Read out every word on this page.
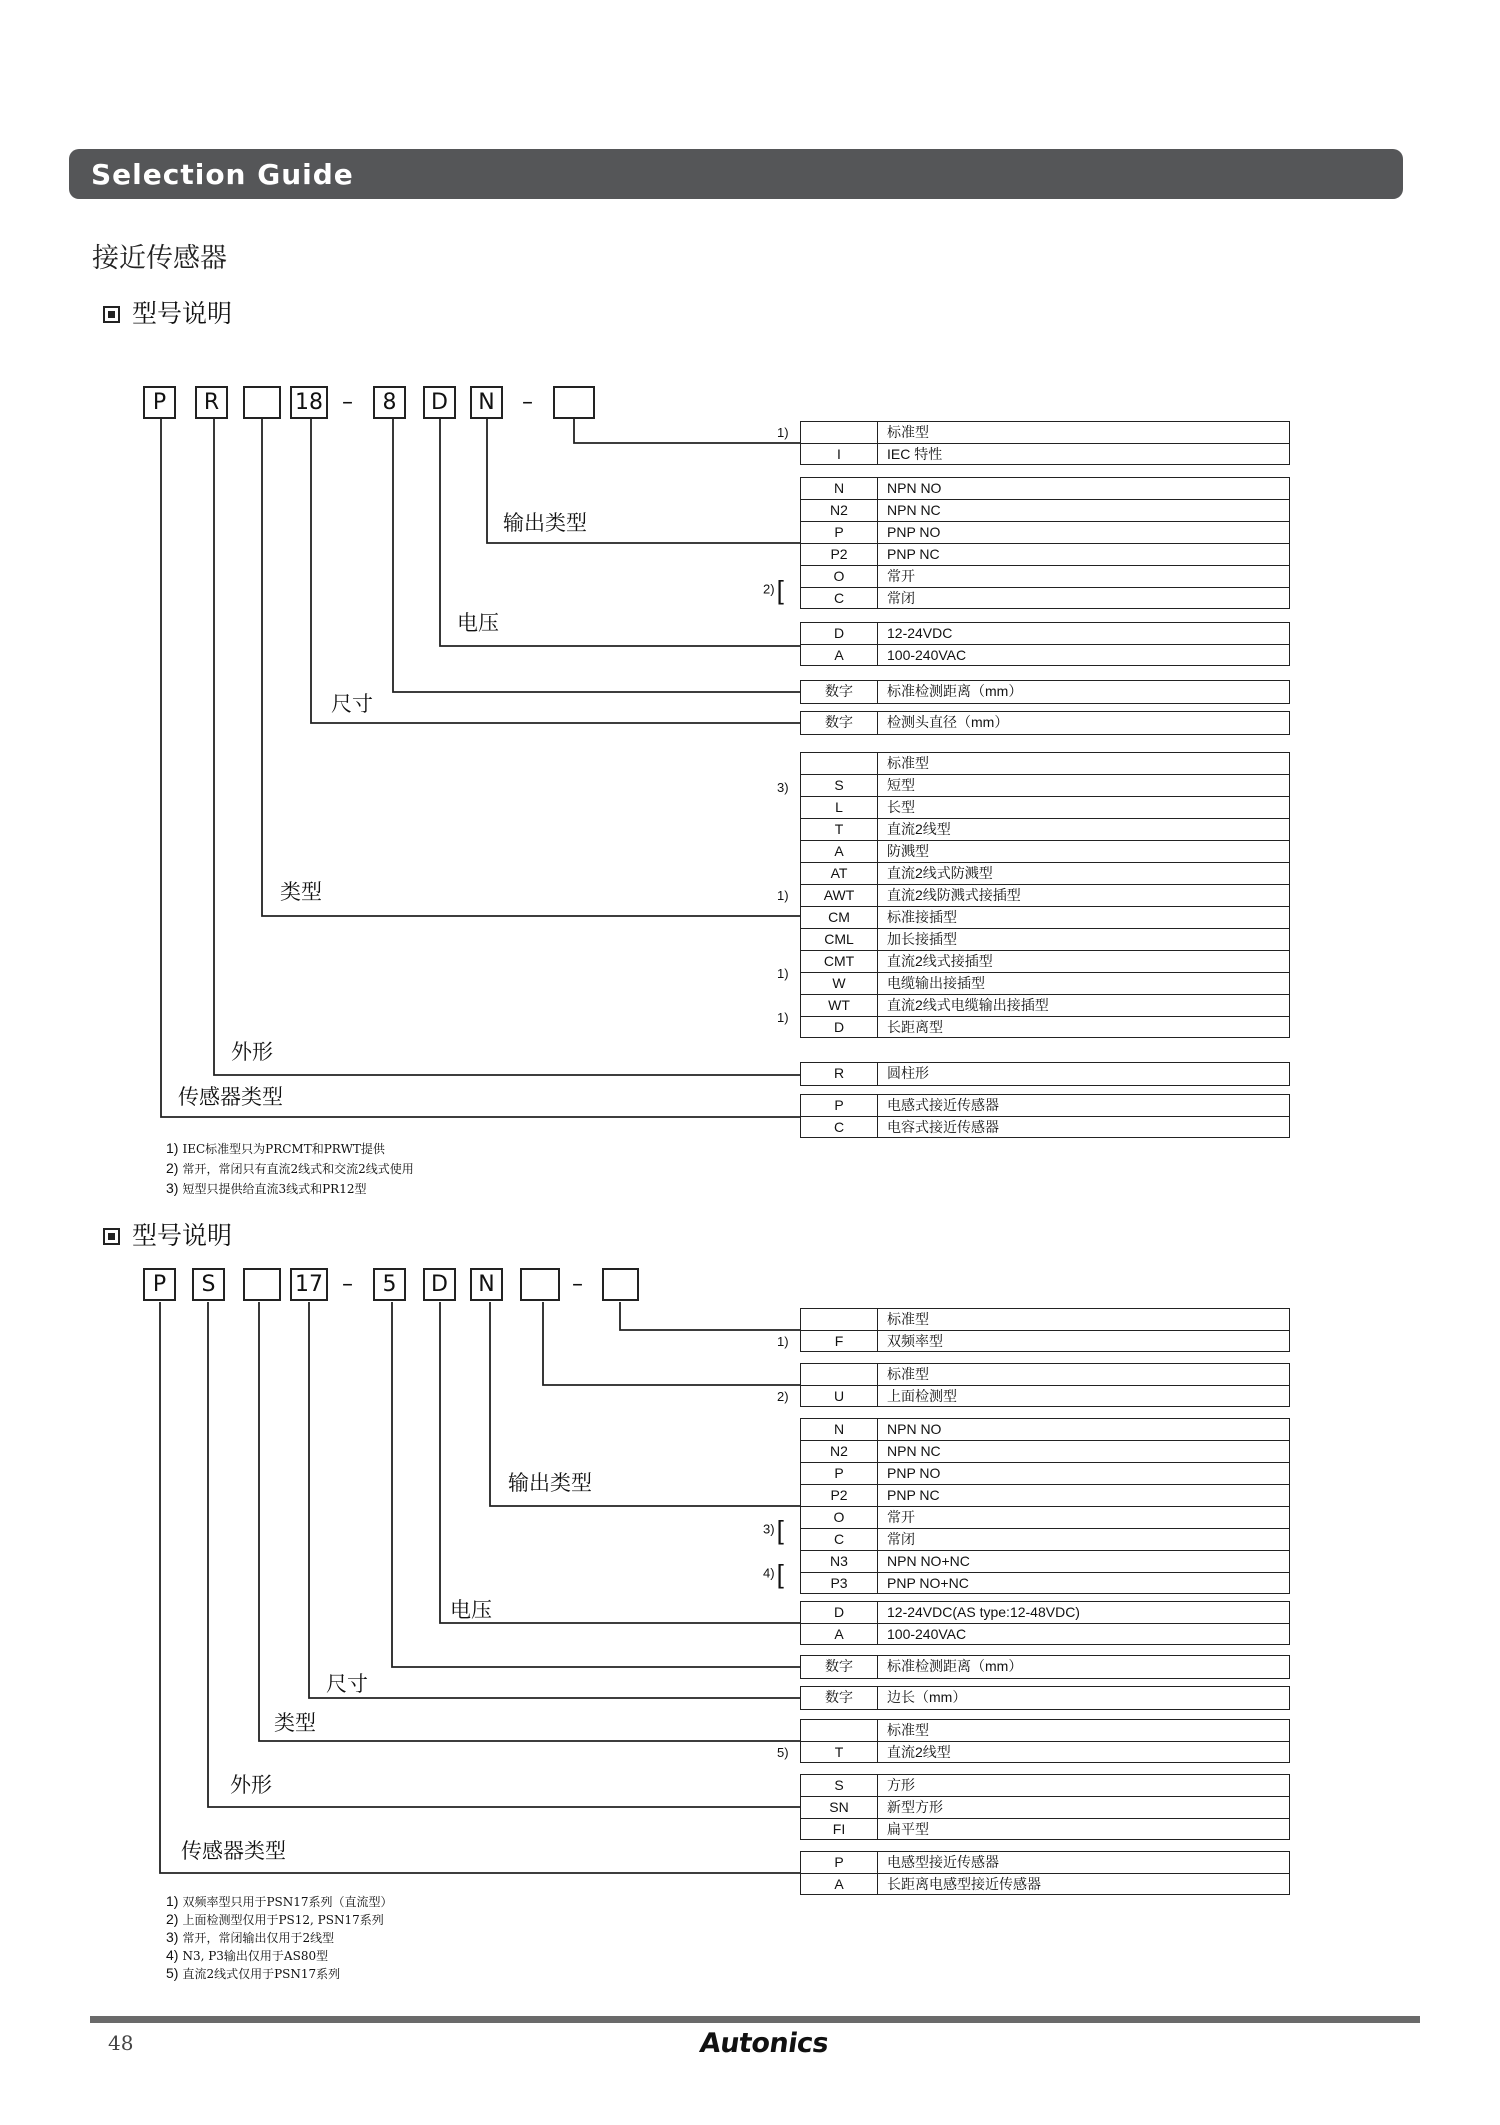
Selection Guide
接近传感器
型号说明
P	R	18 –	8	D	N	–
标准型
I	IEC 特性
N	NPN NO
N2	NPN NC
P	PNP NO
P2	PNP NC
O	常开
C	常闭
D	12-24VDC
A	100-240VAC
数字	标准检测距离（mm）
数字	检测头直径（mm）
标准型
S	短型
L	长型
T	直流2线型
A	防溅型
AT	直流2线式防溅型
AWT	直流2线防溅式接插型
CM	标准接插型
CML	加长接插型
CMT	直流2线式接插型
W	电缆输出接插型
WT	直流2线式电缆输出接插型
D	长距离型
R	圆柱形
P	电感式接近传感器
C	电容式接近传感器
输出类型
电压
尺寸
类型
外形
传感器类型
1)
2)[
3)
1)
1)
1)
1) IEC标准型只为PRCMT和PRWT提供
2) 常开，常闭只有直流2线式和交流2线式使用
3) 短型只提供给直流3线式和PR12型
型号说明
P	S	17 –	5	D	N	–
标准型
F	双频率型
标准型
U	上面检测型
N	NPN NO
N2	NPN NC
P	PNP NO
P2	PNP NC
O	常开
C	常闭
N3	NPN NO+NC
P3	PNP NO+NC
D	12-24VDC(AS type:12-48VDC)
A	100-240VAC
数字	标准检测距离（mm）
数字	边长（mm）
标准型
T	直流2线型
S	方形
SN	新型方形
FI	扁平型
P	电感型接近传感器
A	长距离电感型接近传感器
输出类型
电压
尺寸
类型
外形
传感器类型
1)
2)
3)[
4)[
5)
1) 双频率型只用于PSN17系列（直流型）
2) 上面检测型仅用于PS12, PSN17系列
3) 常开，常闭输出仅用于2线型
4) N3, P3输出仅用于AS80型
5) 直流2线式仅用于PSN17系列
48	Autonics
